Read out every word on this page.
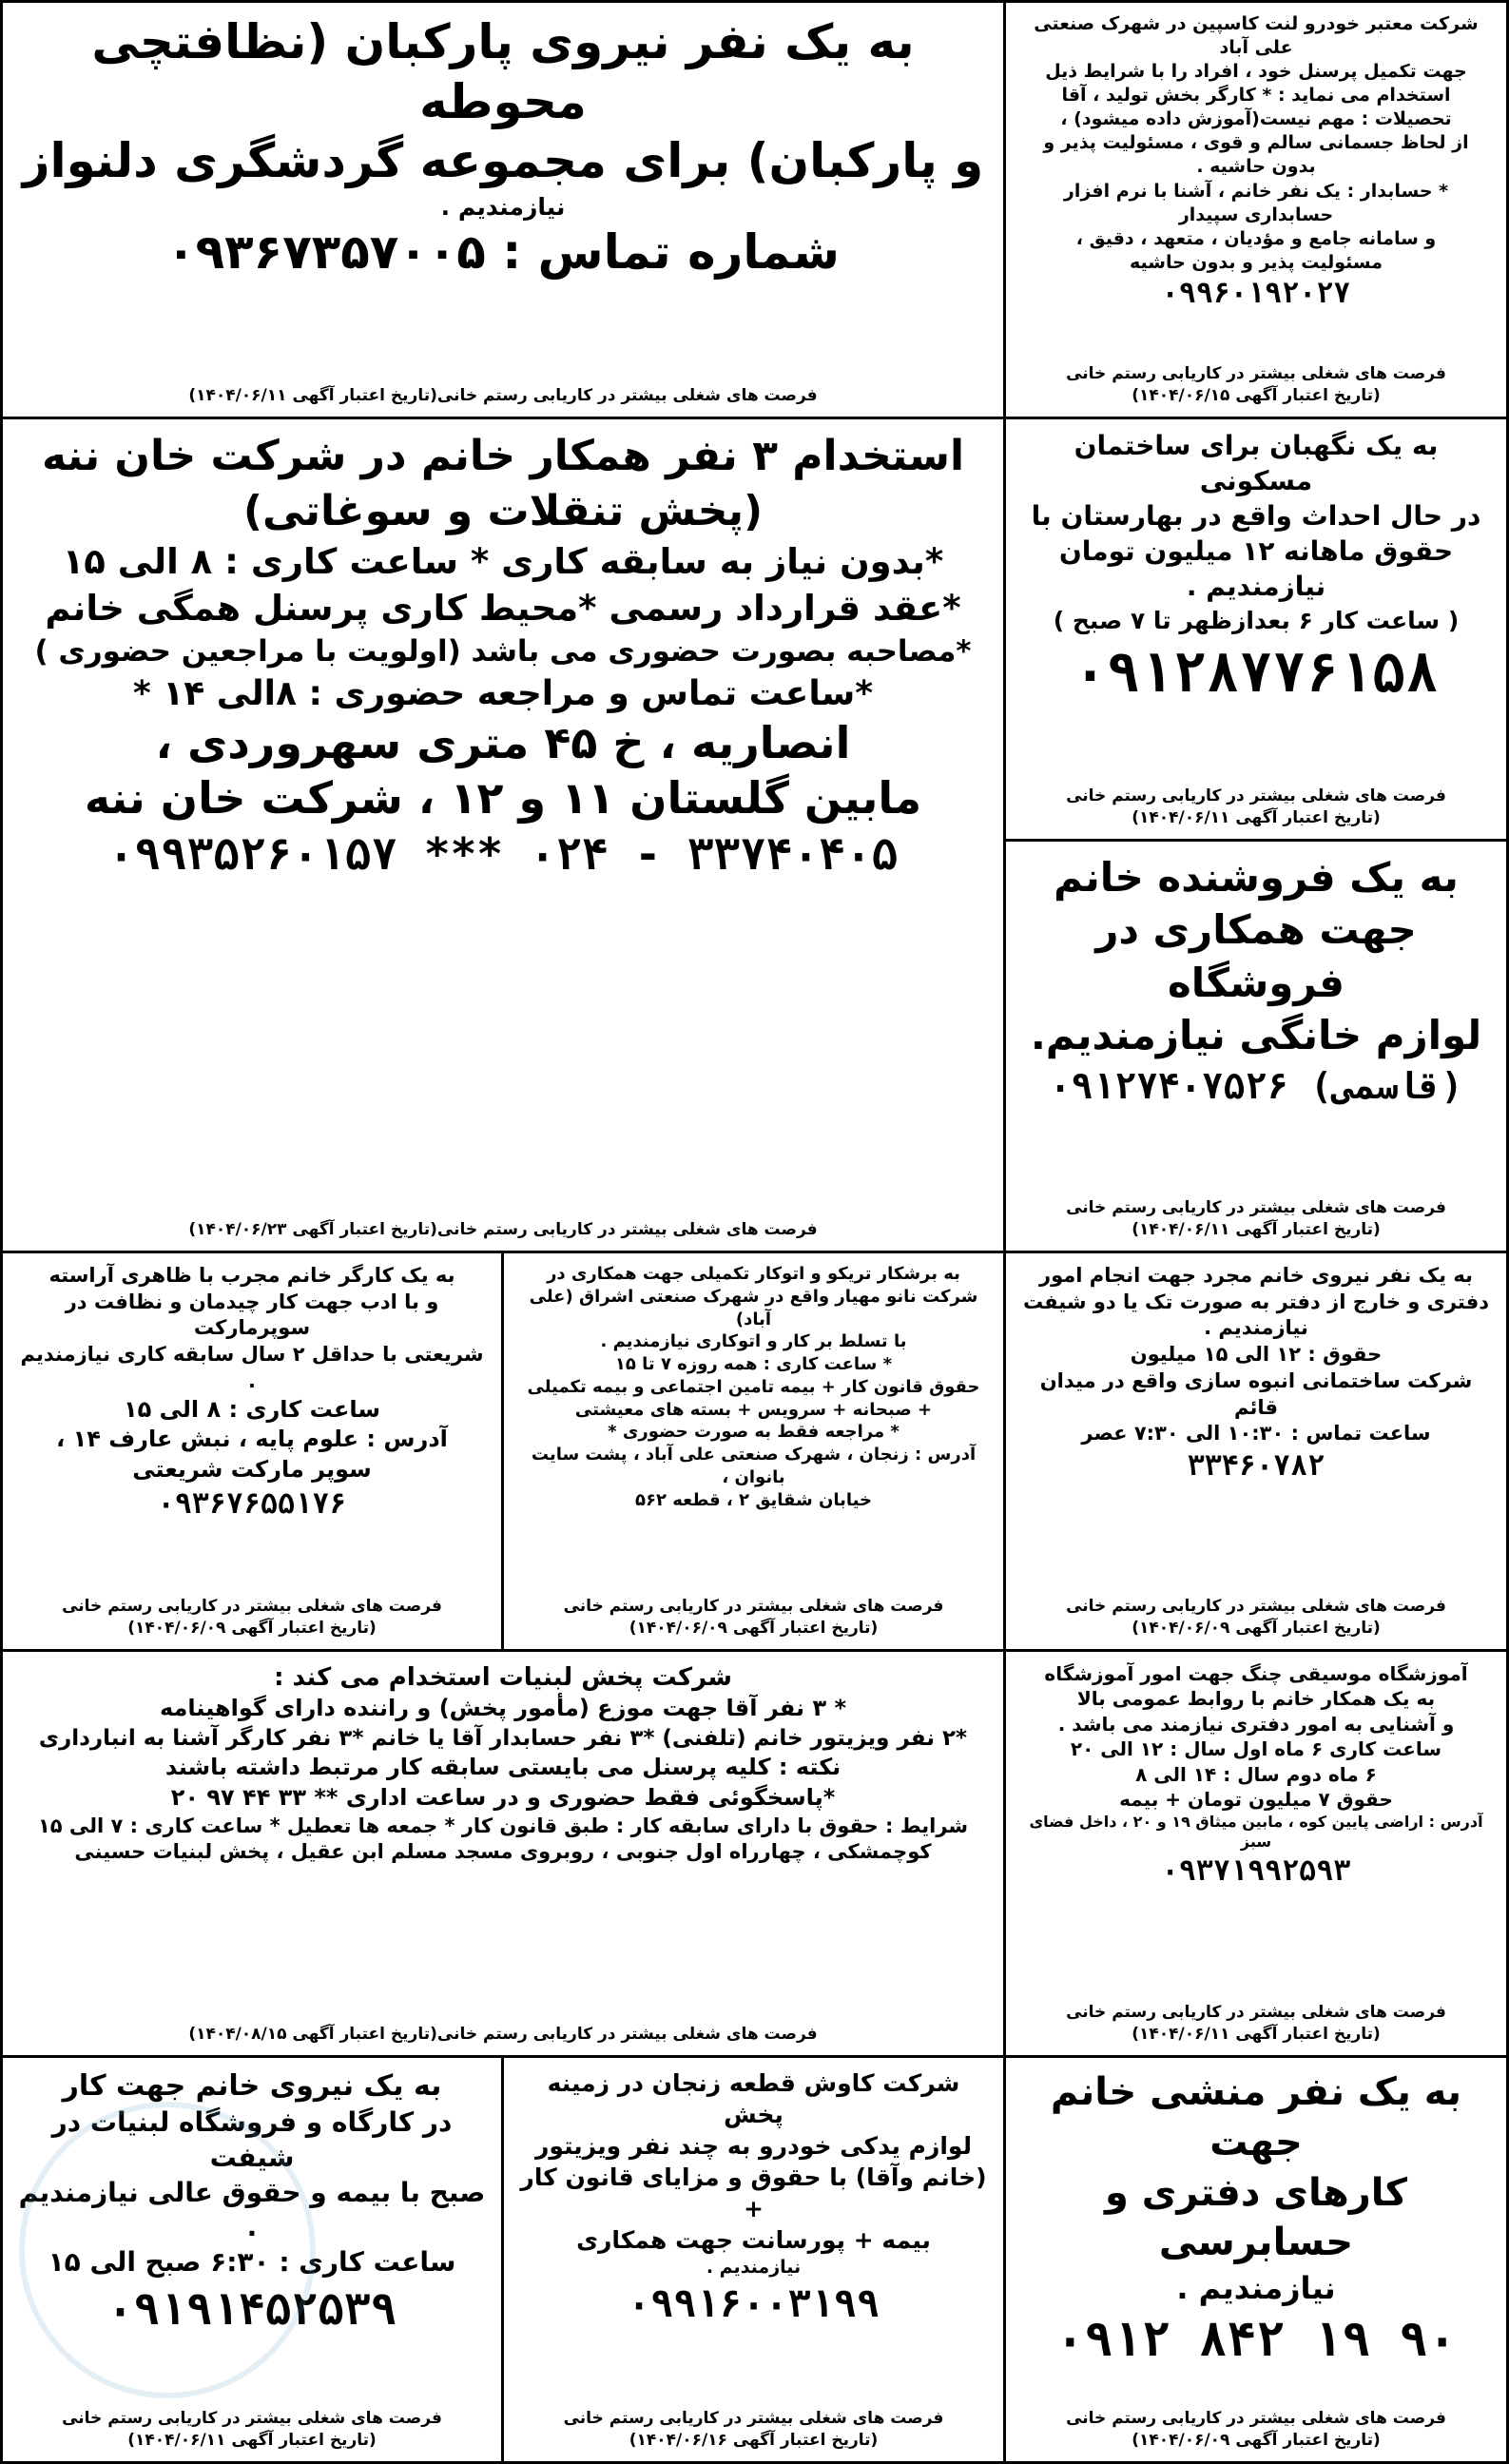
به یک نفر نیروی پارکبان (نظافتچی محوطه

و پارکبان) برای مجموعه گردشگری دلنواز

نیازمندیم .

شماره تماس : ۰۹۳۶۷۳۵۷۰۰۵

فرصت های شغلی بیشتر در کاریابی رستم خانی(تاریخ اعتبار آگهی ۱۴۰۴/۰۶/۱۱)

شرکت معتبر خودرو لنت کاسپین در شهرک صنعتی علی آباد

جهت تکمیل پرسنل خود ، افراد را با شرایط ذیل

استخدام می نماید : * کارگر بخش تولید ، آقا

تحصیلات : مهم نیست(آموزش داده میشود) ،

از لحاظ جسمانی سالم و قوی ، مسئولیت پذیر و بدون حاشیه .

* حسابدار : یک نفر خانم ، آشنا با نرم افزار حسابداری سپیدار

و سامانه جامع و مؤدیان ، متعهد ، دقیق ،

مسئولیت پذیر و بدون حاشیه

۰۹۹۶۰۱۹۲۰۲۷

فرصت های شغلی بیشتر در کاریابی رستم خانی
(تاریخ اعتبار آگهی ۱۴۰۴/۰۶/۱۵)

استخدام ۳ نفر همکار خانم در شرکت خان ننه

(پخش تنقلات و سوغاتی)

*بدون نیاز به سابقه کاری * ساعت کاری : ۸ الی ۱۵

*عقد قرارداد رسمی *محیط کاری پرسنل همگی خانم

*مصاحبه بصورت حضوری می باشد (اولویت با مراجعین حضوری )

*ساعت تماس و مراجعه حضوری : ۸الی ۱۴ *

انصاریه ، خ ۴۵ متری سهروردی ،

مابین گلستان ۱۱ و ۱۲ ، شرکت خان ننه

۰۹۹۳۵۲۶۰۱۵۷ *** ۰۲۴ - ۳۳۷۴۰۴۰۵

فرصت های شغلی بیشتر در کاریابی رستم خانی(تاریخ اعتبار آگهی ۱۴۰۴/۰۶/۲۳)

به یک نگهبان برای ساختمان مسکونی

در حال احداث واقع در بهارستان با

حقوق ماهانه ۱۲ میلیون تومان نیازمندیم .

( ساعت کار ۶ بعدازظهر تا ۷ صبح )

۰۹۱۲۸۷۷۶۱۵۸

فرصت های شغلی بیشتر در کاریابی رستم خانی
(تاریخ اعتبار آگهی ۱۴۰۴/۰۶/۱۱)

به یک فروشنده خانم

جهت همکاری در فروشگاه

لوازم خانگی نیازمندیم.

۰۹۱۲۷۴۰۷۵۲۶ (قاسمی)

فرصت های شغلی بیشتر در کاریابی رستم خانی
(تاریخ اعتبار آگهی ۱۴۰۴/۰۶/۱۱)

به یک کارگر خانم مجرب با ظاهری آراسته

و با ادب جهت کار چیدمان و نظافت در سوپرمارکت

شریعتی با حداقل ۲ سال سابقه کاری نیازمندیم .

ساعت کاری : ۸ الی ۱۵

آدرس : علوم پایه ، نبش عارف ۱۴ ،

سوپر مارکت شریعتی

۰۹۳۶۷۶۵۵۱۷۶

فرصت های شغلی بیشتر در کاریابی رستم خانی
(تاریخ اعتبار آگهی ۱۴۰۴/۰۶/۰۹)

به برشکار تریکو و اتوکار تکمیلی جهت همکاری در

شرکت نانو مهیار واقع در شهرک صنعتی اشراق (علی آباد)

با تسلط بر کار و اتوکاری نیازمندیم .

* ساعت کاری : همه روزه ۷ تا ۱۵

حقوق قانون کار + بیمه تامین اجتماعی و بیمه تکمیلی

+ صبحانه + سرویس + بسته های معیشتی

* مراجعه فقط به صورت حضوری *

آدرس : زنجان ، شهرک صنعتی علی آباد ، پشت سایت بانوان ،

خیابان شقایق ۲ ، قطعه ۵۶۲

فرصت های شغلی بیشتر در کاریابی رستم خانی
(تاریخ اعتبار آگهی ۱۴۰۴/۰۶/۰۹)

به یک نفر نیروی خانم مجرد جهت انجام امور

دفتری و خارج از دفتر به صورت تک یا دو شیفت

نیازمندیم .

حقوق : ۱۲ الی ۱۵ میلیون

شرکت ساختمانی انبوه سازی واقع در میدان قائم

ساعت تماس : ۱۰:۳۰ الی ۷:۳۰ عصر

۳۳۴۶۰۷۸۲

فرصت های شغلی بیشتر در کاریابی رستم خانی
(تاریخ اعتبار آگهی ۱۴۰۴/۰۶/۰۹)

شرکت پخش لبنیات استخدام می کند :

* ۳ نفر آقا جهت موزع (مأمور پخش) و راننده دارای گواهینامه

*۲ نفر ویزیتور خانم (تلفنی) *۳ نفر حسابدار آقا یا خانم *۳ نفر کارگر آشنا به انبارداری

نکته : کلیه پرسنل می بایستی سابقه کار مرتبط داشته باشند

*پاسخگوئی فقط حضوری و در ساعت اداری ** ۳۳ ۴۴ ۹۷ ۲۰

شرایط : حقوق با دارای سابقه کار : طبق قانون کار * جمعه ها تعطیل * ساعت کاری : ۷ الی ۱۵

کوچمشکی ، چهارراه اول جنوبی ، روبروی مسجد مسلم ابن عقیل ، پخش لبنیات حسینی

فرصت های شغلی بیشتر در کاریابی رستم خانی(تاریخ اعتبار آگهی ۱۴۰۴/۰۸/۱۵)

آموزشگاه موسیقی چنگ جهت امور آموزشگاه

به یک همکار خانم با روابط عمومی بالا

و آشنایی به امور دفتری نیازمند می باشد .

ساعت کاری ۶ ماه اول سال : ۱۲ الی ۲۰

۶ ماه دوم سال : ۱۴ الی ۸

حقوق ۷ میلیون تومان + بیمه

آدرس : اراضی پایین کوه ، مابین میثاق ۱۹ و ۲۰ ، داخل فضای سبز

۰۹۳۷۱۹۹۲۵۹۳

فرصت های شغلی بیشتر در کاریابی رستم خانی
(تاریخ اعتبار آگهی ۱۴۰۴/۰۶/۱۱)

به یک نیروی خانم جهت کار

در کارگاه و فروشگاه لبنیات در شیفت

صبح با بیمه و حقوق عالی نیازمندیم .

ساعت کاری : ۶:۳۰ صبح الی ۱۵

۰۹۱۹۱۴۵۲۵۳۹

فرصت های شغلی بیشتر در کاریابی رستم خانی
(تاریخ اعتبار آگهی ۱۴۰۴/۰۶/۱۱)

شرکت کاوش قطعه زنجان در زمینه پخش

لوازم یدکی خودرو به چند نفر ویزیتور

(خانم وآقا) با حقوق و مزایای قانون کار +

بیمه + پورسانت جهت همکاری

نیازمندیم .

۰۹۹۱۶۰۰۳۱۹۹

فرصت های شغلی بیشتر در کاریابی رستم خانی
(تاریخ اعتبار آگهی ۱۴۰۴/۰۶/۱۶)

به یک نفر منشی خانم جهت

کارهای دفتری و حسابرسی

نیازمندیم .

۰۹۱۲ ۸۴۲ ۱۹ ۹۰

فرصت های شغلی بیشتر در کاریابی رستم خانی
(تاریخ اعتبار آگهی ۱۴۰۴/۰۶/۰۹)
